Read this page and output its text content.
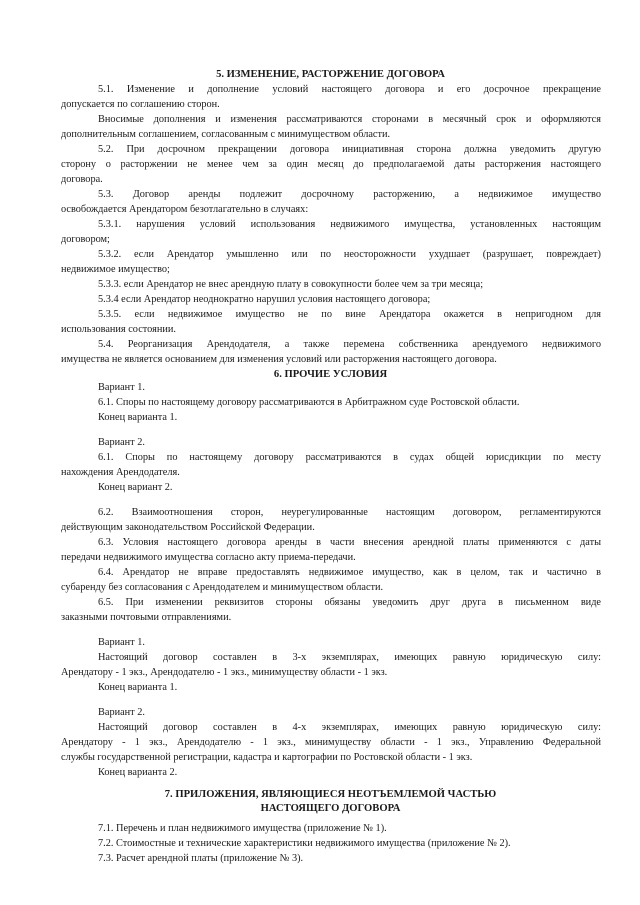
5. ИЗМЕНЕНИЕ, РАСТОРЖЕНИЕ ДОГОВОРА
5.1. Изменение и дополнение условий настоящего договора и его досрочное прекращение
допускается по соглашению сторон.
Вносимые дополнения и изменения рассматриваются сторонами в месячный срок и оформляются
дополнительным соглашением, согласованным с минимуществом области.
5.2. При досрочном прекращении договора инициативная сторона должна уведомить другую
сторону о расторжении не менее чем за один месяц до предполагаемой даты расторжения настоящего
договора.
5.3. Договор аренды подлежит досрочному расторжению, а недвижимое имущество
освобождается Арендатором безотлагательно в случаях:
5.3.1. нарушения условий использования недвижимого имущества, установленных настоящим
договором;
5.3.2. если Арендатор умышленно или по неосторожности ухудшает (разрушает, повреждает)
недвижимое имущество;
5.3.3. если Арендатор не внес арендную плату в совокупности более чем за три месяца;
5.3.4 если Арендатор неоднократно нарушил условия настоящего договора;
5.3.5. если недвижимое имущество не по вине Арендатора окажется в непригодном для
использования состоянии.
5.4. Реорганизация Арендодателя, а также перемена собственника арендуемого недвижимого
имущества не является основанием для изменения условий или расторжения настоящего договора.
6. ПРОЧИЕ УСЛОВИЯ
Вариант 1.
6.1. Споры по настоящему договору рассматриваются в Арбитражном суде Ростовской области.
Конец варианта 1.
Вариант 2.
6.1. Споры по настоящему договору рассматриваются в судах общей юрисдикции по месту
нахождения Арендодателя.
Конец вариант 2.
6.2. Взаимоотношения сторон, неурегулированные настоящим договором, регламентируются
действующим законодательством Российской Федерации.
6.3. Условия настоящего договора аренды в части внесения арендной платы применяются с даты
передачи недвижимого имущества согласно акту приема-передачи.
6.4. Арендатор не вправе предоставлять недвижимое имущество, как в целом, так и частично в
субаренду без согласования с Арендодателем и минимуществом области.
6.5. При изменении реквизитов стороны обязаны уведомить друг друга в письменном виде
заказными почтовыми отправлениями.
Вариант 1.
Настоящий договор составлен в 3-х экземплярах, имеющих равную юридическую силу:
Арендатору - 1 экз., Арендодателю - 1 экз., минимуществу области - 1 экз.
Конец варианта 1.
Вариант 2.
Настоящий договор составлен в 4-х экземплярах, имеющих равную юридическую силу:
Арендатору - 1 экз., Арендодателю - 1 экз., минимуществу области - 1 экз., Управлению Федеральной
службы государственной регистрации, кадастра и картографии по Ростовской области - 1 экз.
Конец варианта 2.
7. ПРИЛОЖЕНИЯ, ЯВЛЯЮЩИЕСЯ НЕОТЪЕМЛЕМОЙ ЧАСТЬЮ
НАСТОЯЩЕГО ДОГОВОРА
7.1. Перечень и план недвижимого имущества (приложение № 1).
7.2. Стоимостные и технические характеристики недвижимого имущества (приложение № 2).
7.3. Расчет арендной платы (приложение № 3).
